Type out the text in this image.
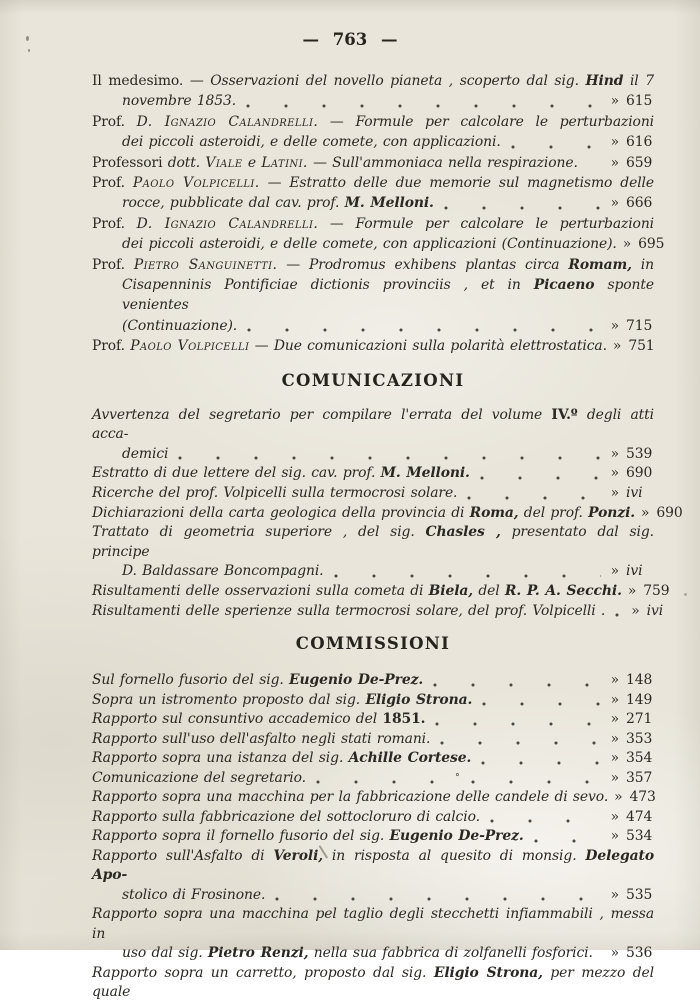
— 763 —
Il medesimo. — Osservazioni del novello pianeta , scoperto dal sig. Hind il 7
novembre 1853.	» 615
Prof. D. Ignazio Calandrelli. — Formule per calcolare le perturbazioni
dei piccoli asteroidi, e delle comete, con applicazioni.	» 616
Professori dott. Viale e Latini. — Sull'ammoniaca nella respirazione. » 659
Prof. Paolo Volpicelli. — Estratto delle due memorie sul magnetismo delle
rocce, pubblicate dal cav. prof. M. Melloni.	» 666
Prof. D. Ignazio Calandrelli. — Formule per calcolare le perturbazioni
dei piccoli asteroidi, e delle comete, con applicazioni (Continuazione). » 695
Prof. Pietro Sanguinetti. — Prodromus exhibens plantas circa Romam, in
Cisapenninis Pontificiae dictionis provinciis , et in Picaeno sponte venientes
(Continuazione).	» 715
Prof. Paolo Volpicelli — Due comunicazioni sulla polarità elettrostatica. » 751
COMUNICAZIONI
Avvertenza del segretario per compilare l'errata del volume IV.º degli atti acca-
demici	» 539
Estratto di due lettere del sig. cav. prof. M. Melloni.	» 690
Ricerche del prof. Volpicelli sulla termocrosi solare.	» ivi
Dichiarazioni della carta geologica della provincia di Roma, del prof. Ponzi. » 690
Trattato di geometria superiore , del sig. Chasles , presentato dal sig. principe
D. Baldassare Boncompagni.	» ivi
Risultamenti delle osservazioni sulla cometa di Biela, del R. P. A. Secchi. » 759
Risultamenti delle sperienze sulla termocrosi solare, del prof. Volpicelli . » ivi
COMMISSIONI
Sul fornello fusorio del sig. Eugenio De-Prez.	» 148
Sopra un istromento proposto dal sig. Eligio Strona.	» 149
Rapporto sul consuntivo accademico del 1851.	» 271
Rapporto sull'uso dell'asfalto negli stati romani.	» 353
Rapporto sopra una istanza del sig. Achille Cortese.	» 354
Comunicazione del segretario.	°	» 357
Rapporto sopra una macchina per la fabbricazione delle candele di sevo. » 473
Rapporto sulla fabbricazione del sottocloruro di calcio.	» 474
Rapporto sopra il fornello fusorio del sig. Eugenio De-Prez.	» 534
Rapporto sull'Asfalto di Veroli, in risposta al quesito di monsig. Delegato Apo-
stolico di Frosinone.	» 535
Rapporto sopra una macchina pel taglio degli stecchetti infiammabili , messa in
uso dal sig. Pietro Renzi, nella sua fabbrica di zolfanelli fosforici. » 536
Rapporto sopra un carretto, proposto dal sig. Eligio Strona, per mezzo del quale
